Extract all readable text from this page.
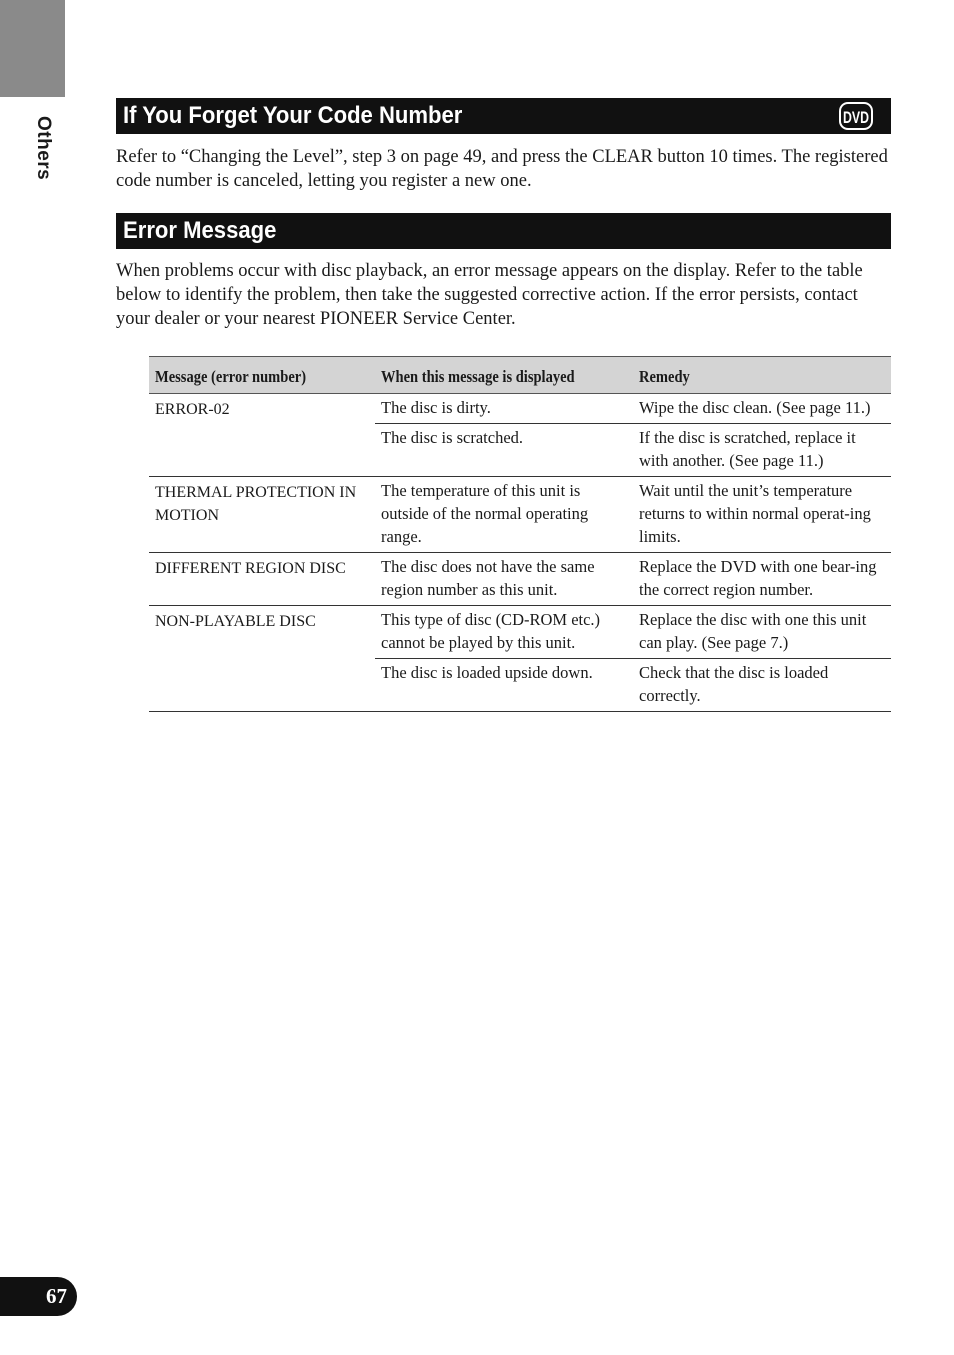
Others
If You Forget Your Code Number	DVD

Refer to “Changing the Level”, step 3 on page 49, and press the CLEAR button 10 times. The registered code number is canceled, letting you register a new one.

Error Message

When problems occur with disc playback, an error message appears on the display. Refer to the table below to identify the problem, then take the suggested corrective action. If the error persists, contact your dealer or your nearest PIONEER Service Center.

Message (error number)	When this message is displayed	Remedy
ERROR-02	The disc is dirty.	Wipe the disc clean. (See page 11.)
	The disc is scratched.	If the disc is scratched, replace it with another. (See page 11.)
THERMAL PROTECTION IN MOTION	The temperature of this unit is outside of the normal operating range.	Wait until the unit’s temperature returns to within normal operat-ing limits.
DIFFERENT REGION DISC	The disc does not have the same region number as this unit.	Replace the DVD with one bear-ing the correct region number.
NON-PLAYABLE DISC	This type of disc (CD-ROM etc.) cannot be played by this unit.	Replace the disc with one this unit can play. (See page 7.)
	The disc is loaded upside down.	Check that the disc is loaded correctly.
67
